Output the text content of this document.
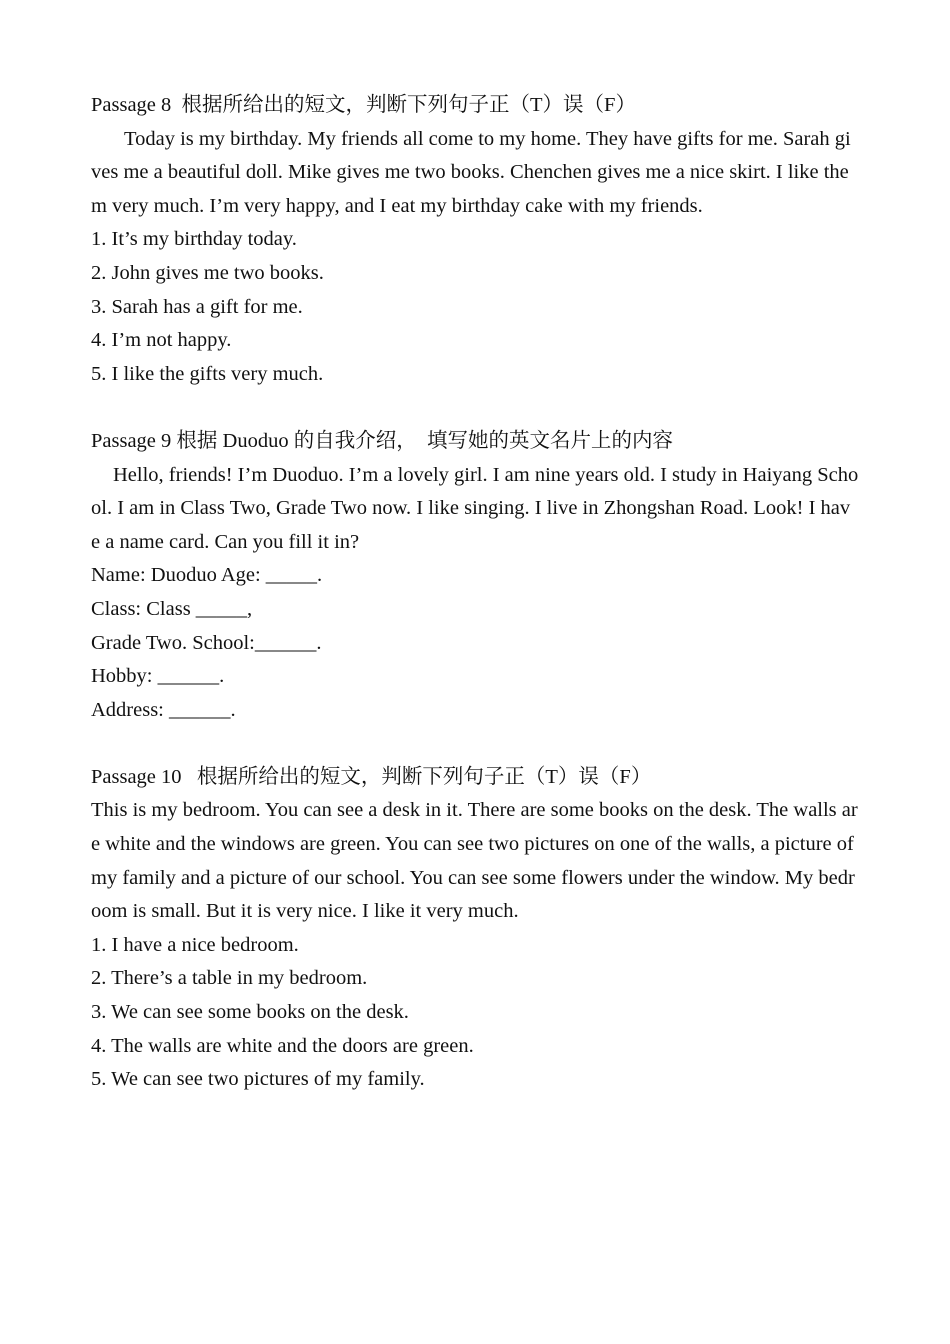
Passage 8  根据所给出的短文，判断下列句子正（T）误（F）
Today is my birthday. My friends all come to my home. They have gifts for me. Sarah gives me a beautiful doll. Mike gives me two books. Chenchen gives me a nice skirt. I like them very much. I’m very happy, and I eat my birthday cake with my friends.
1. It’s my birthday today.
2. John gives me two books.
3. Sarah has a gift for me.
4. I’m not happy.
5. I like the gifts very much.
Passage 9 根据 Duoduo 的自我介绍，  填写她的英文名片上的内容
Hello, friends! I’m Duoduo. I’m a lovely girl. I am nine years old. I study in Haiyang School. I am in Class Two, Grade Two now. I like singing. I live in Zhongshan Road. Look! I have a name card. Can you fill it in?
Name: Duoduo Age: _____.
Class: Class _____,
Grade Two. School:______.
Hobby: ______.
Address: ______.
Passage 10   根据所给出的短文，判断下列句子正（T）误（F）
This is my bedroom. You can see a desk in it. There are some books on the desk. The walls are white and the windows are green. You can see two pictures on one of the walls, a picture of my family and a picture of our school. You can see some flowers under the window. My bedroom is small. But it is very nice. I like it very much.
1. I have a nice bedroom.
2. There’s a table in my bedroom.
3. We can see some books on the desk.
4. The walls are white and the doors are green.
5. We can see two pictures of my family.
